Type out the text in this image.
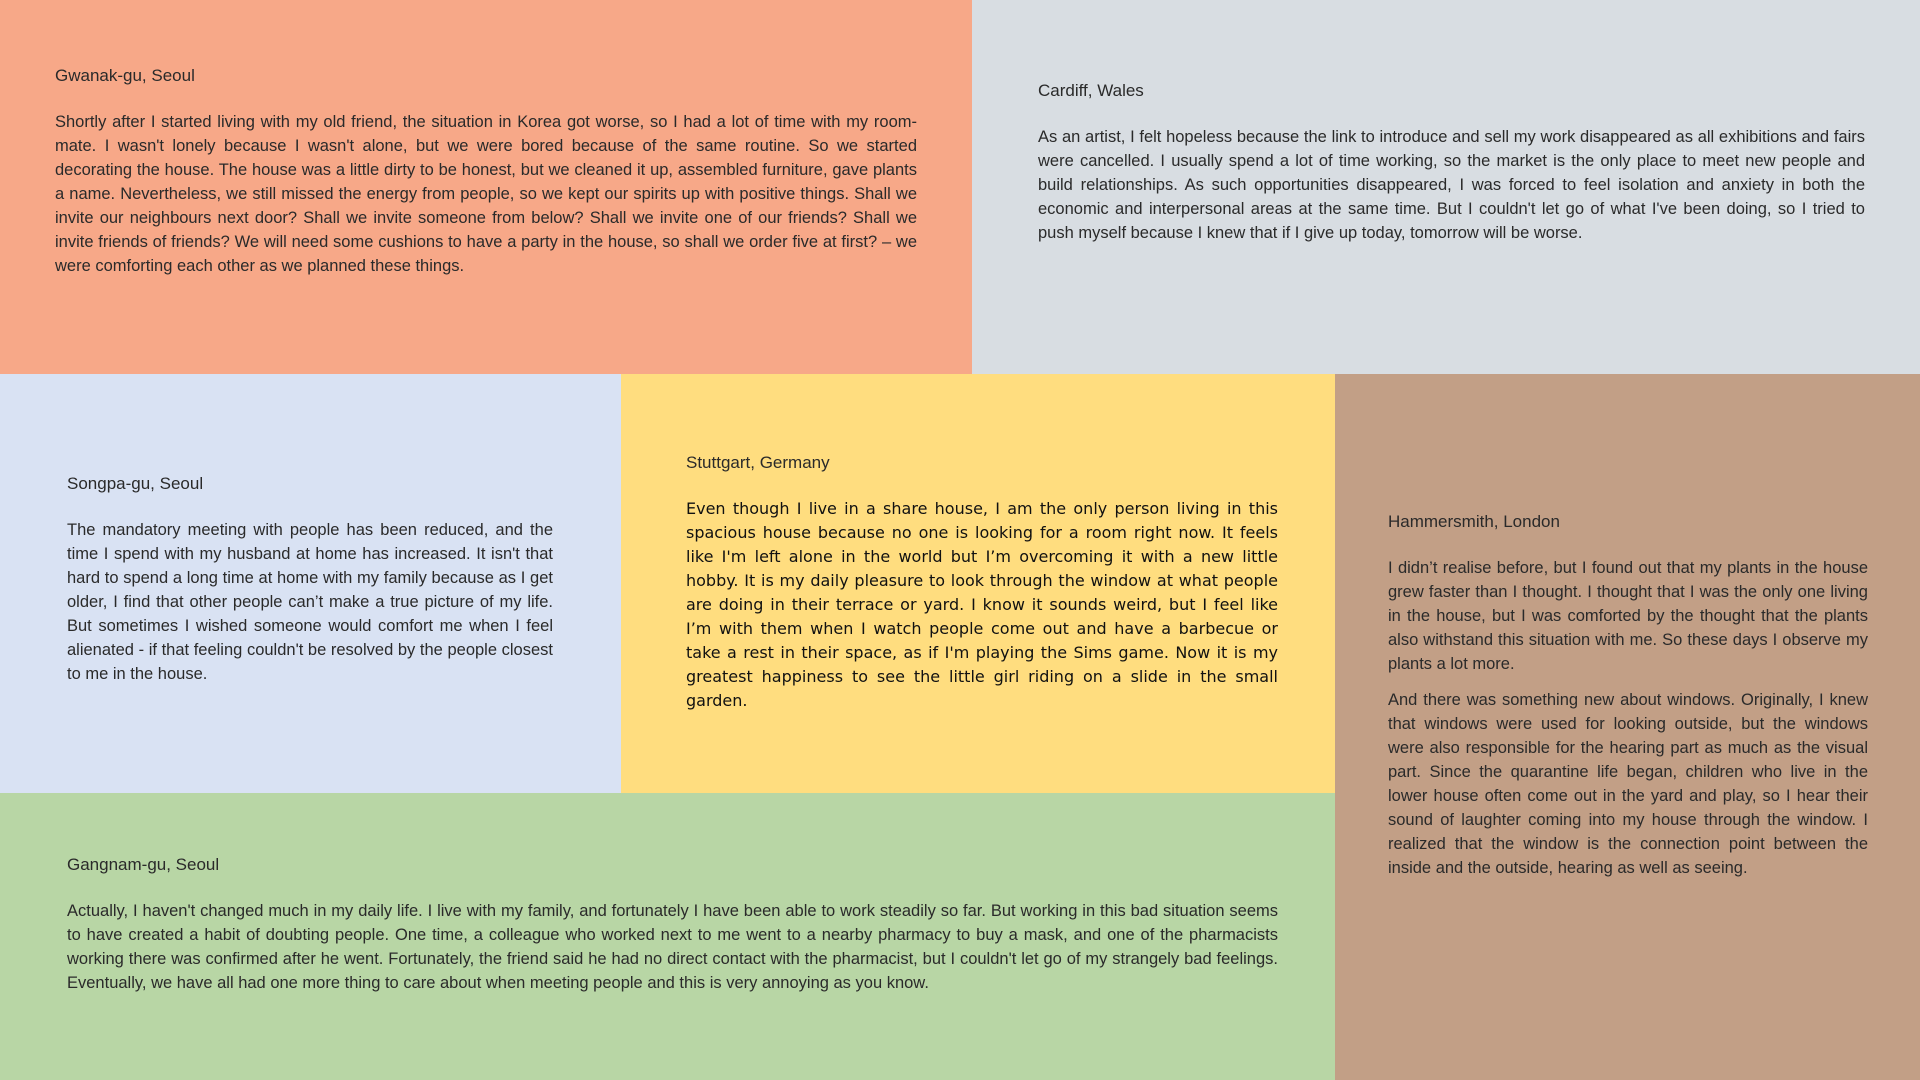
Gwanak-gu, Seoul

Shortly after I started living with my old friend, the situation in Korea got worse, so I had a lot of time with my room-mate. I wasn't lonely because I wasn't alone, but we were bored because of the same routine. So we started decorating the house. The house was a little dirty to be honest, but we cleaned it up, assembled furniture, gave plants a name. Nevertheless, we still missed the energy from people, so we kept our spirits up with positive things. Shall we invite our neighbours next door? Shall we invite someone from below? Shall we invite one of our friends? Shall we invite friends of friends? We will need some cushions to have a party in the house, so shall we order five at first? – we were comforting each other as we planned these things.

Cardiff, Wales

As an artist, I felt hopeless because the link to introduce and sell my work disappeared as all exhibitions and fairs were cancelled. I usually spend a lot of time working, so the market is the only place to meet new people and build relationships. As such opportunities disappeared, I was forced to feel isolation and anxiety in both the economic and interpersonal areas at the same time. But I couldn't let go of what I've been doing, so I tried to push myself because I knew that if I give up today, tomorrow will be worse.

Songpa-gu, Seoul

The mandatory meeting with people has been reduced, and the time I spend with my husband at home has increased. It isn't that hard to spend a long time at home with my family because as I get older, I find that other people can’t make a true picture of my life. But sometimes I wished someone would comfort me when I feel alienated - if that feeling couldn't be resolved by the people closest to me in the house.

Stuttgart, Germany

Even though I live in a share house, I am the only person living in this spacious house because no one is looking for a room right now. It feels like I'm left alone in the world but I’m overcoming it with a new little hobby. It is my daily pleasure to look through the window at what people are doing in their terrace or yard. I know it sounds weird, but I feel like I’m with them when I watch people come out and have a barbecue or take a rest in their space, as if I'm playing the Sims game. Now it is my greatest happiness to see the little girl riding on a slide in the small garden.

Hammersmith, London

I didn’t realise before, but I found out that my plants in the house grew faster than I thought. I thought that I was the only one living in the house, but I was comforted by the thought that the plants also withstand this situation with me. So these days I observe my plants a lot more.

And there was something new about windows. Originally, I knew that windows were used for looking outside, but the windows were also responsible for the hearing part as much as the visual part. Since the quarantine life began, children who live in the lower house often come out in the yard and play, so I hear their sound of laughter coming into my house through the window. I realized that the window is the connection point between the inside and the outside, hearing as well as seeing.

Gangnam-gu, Seoul

Actually, I haven't changed much in my daily life. I live with my family, and fortunately I have been able to work steadily so far. But working in this bad situation seems to have created a habit of doubting people. One time, a colleague who worked next to me went to a nearby pharmacy to buy a mask, and one of the pharmacists working there was confirmed after he went. Fortunately, the friend said he had no direct contact with the pharmacist, but I couldn't let go of my strangely bad feelings. Eventually, we have all had one more thing to care about when meeting people and this is very annoying as you know.
